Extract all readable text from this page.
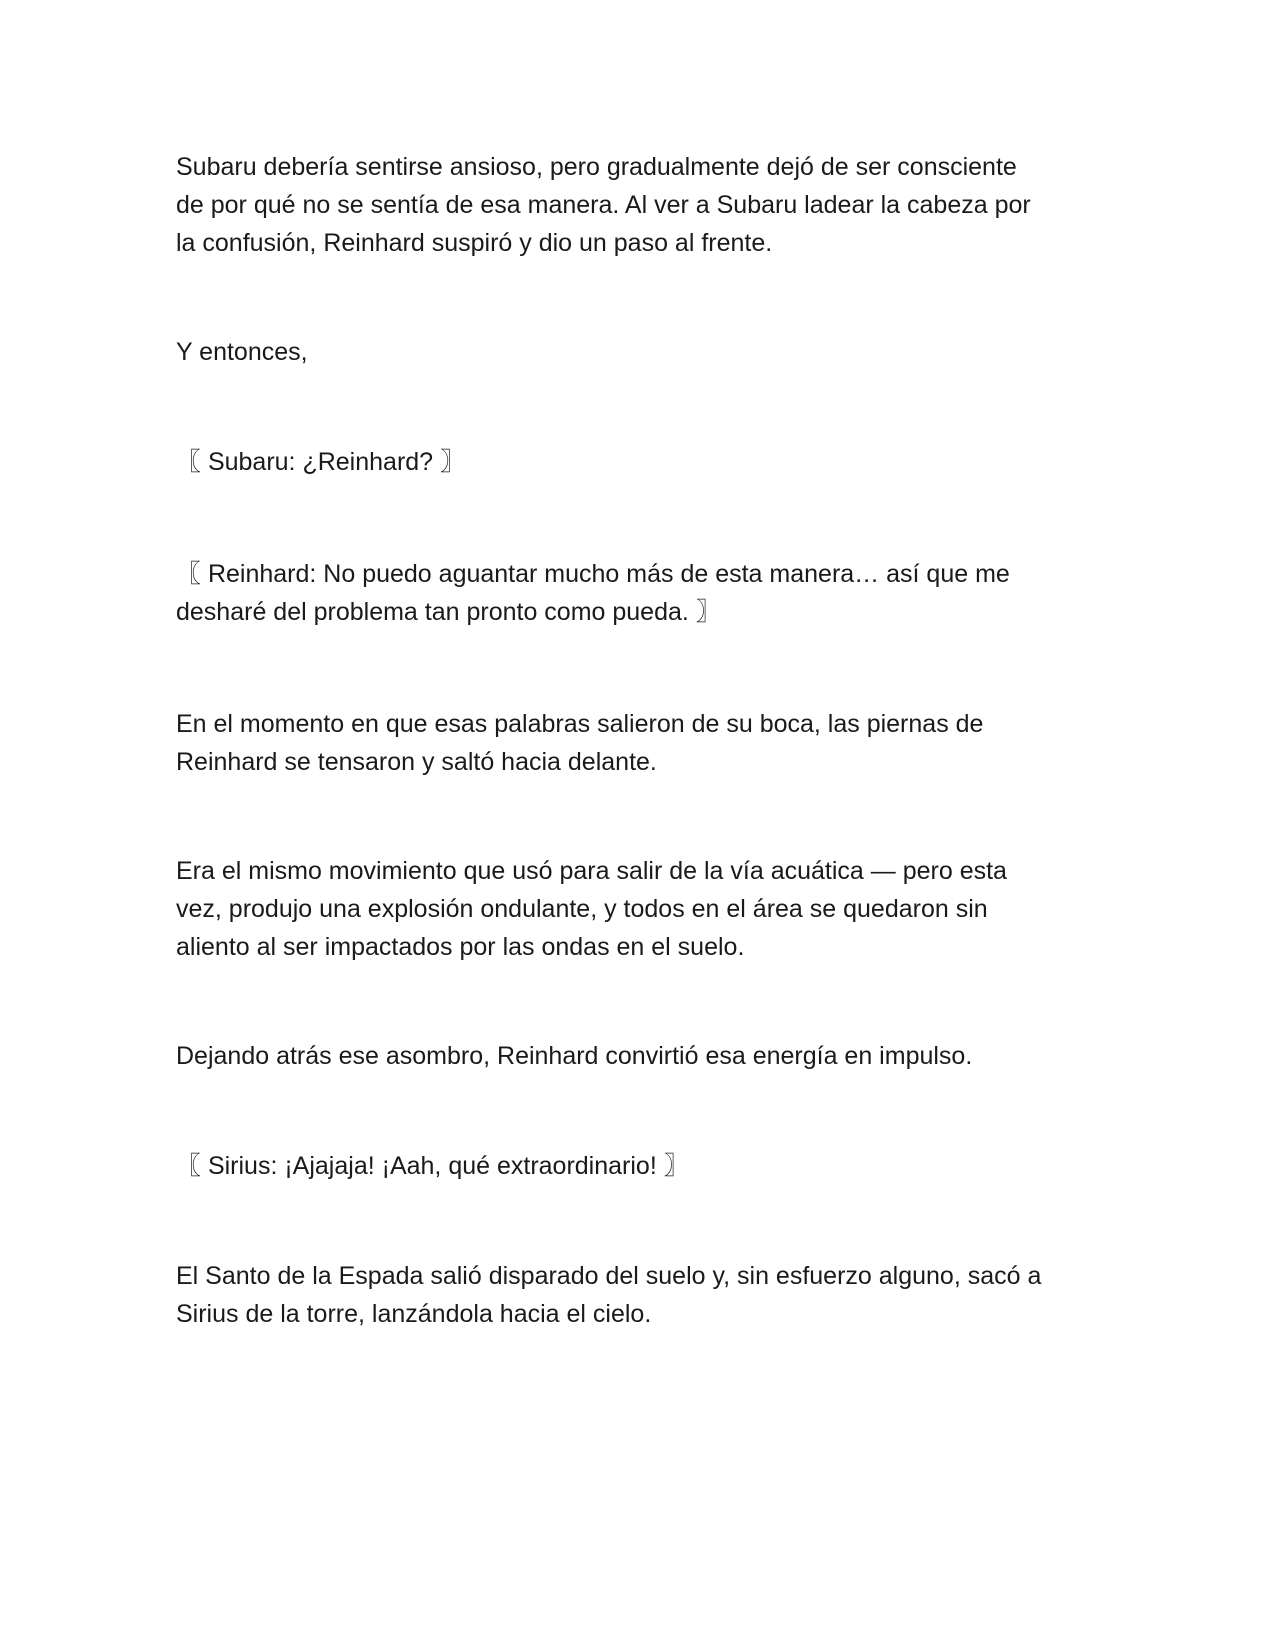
Subaru debería sentirse ansioso, pero gradualmente dejó de ser consciente
de por qué no se sentía de esa manera. Al ver a Subaru ladear la cabeza por
la confusión, Reinhard suspiró y dio un paso al frente.

Y entonces,

〖 Subaru: ¿Reinhard? 〗

〖 Reinhard: No puedo aguantar mucho más de esta manera… así que me
desharé del problema tan pronto como pueda. 〗

En el momento en que esas palabras salieron de su boca, las piernas de
Reinhard se tensaron y saltó hacia delante.

Era el mismo movimiento que usó para salir de la vía acuática — pero esta
vez, produjo una explosión ondulante, y todos en el área se quedaron sin
aliento al ser impactados por las ondas en el suelo.

Dejando atrás ese asombro, Reinhard convirtió esa energía en impulso.

〖 Sirius: ¡Ajajaja! ¡Aah, qué extraordinario! 〗

El Santo de la Espada salió disparado del suelo y, sin esfuerzo alguno, sacó a
Sirius de la torre, lanzándola hacia el cielo.
